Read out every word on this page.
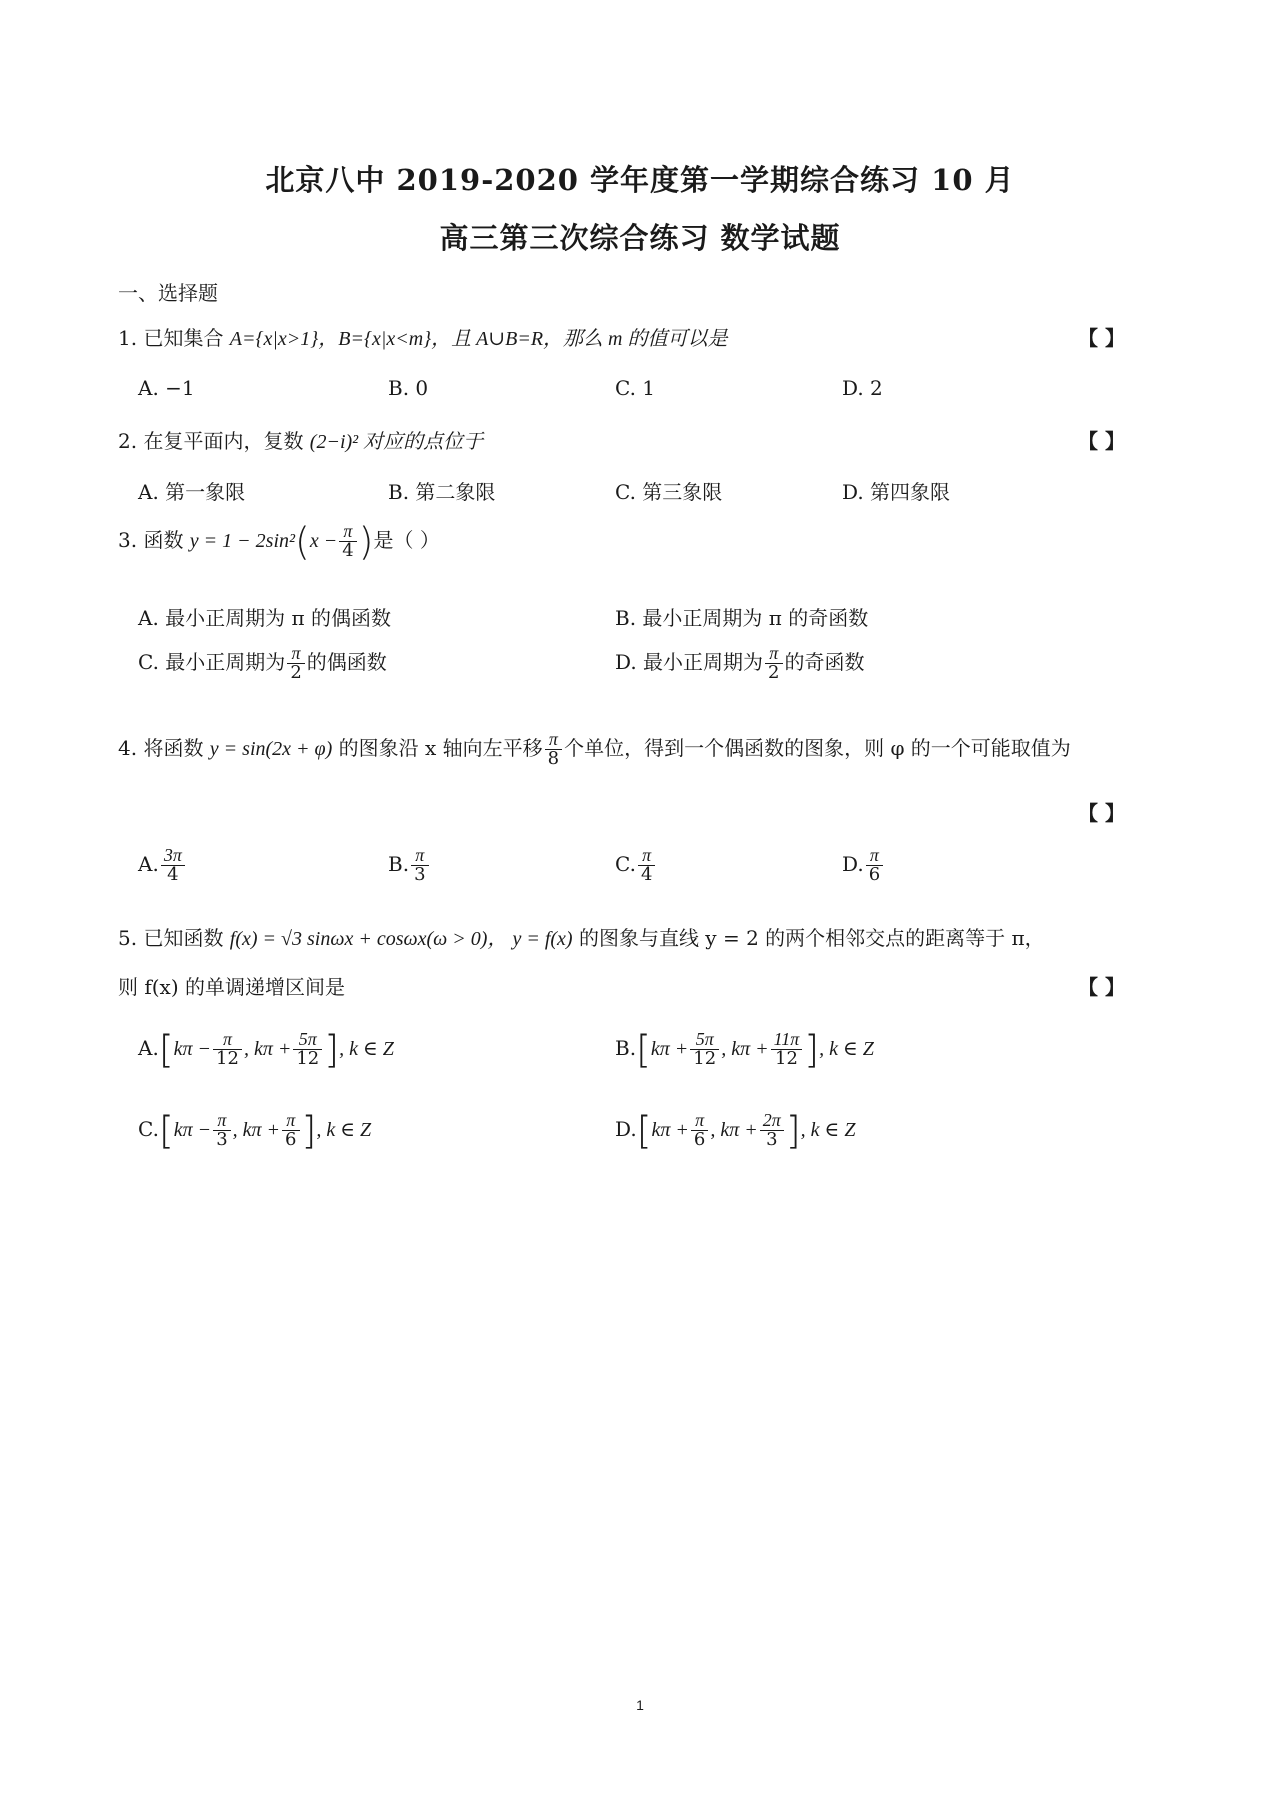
北京八中 2019-2020 学年度第一学期综合练习 10 月
高三第三次综合练习 数学试题
一、选择题
1. 已知集合 A={x|x>1}，B={x|x<m}，且 A∪B=R，那么 m 的值可以是	【 】
A. −1	B. 0	C. 1	D. 2
2. 在复平面内，复数 (2−i)² 对应的点位于	【 】
A. 第一象限	B. 第二象限	C. 第三象限	D. 第四象限
3. 函数 $y = 1 - 2\sin^2(x - \frac{\pi}{4}$ )是（ ）
A. 最小正周期为 π 的偶函数	B. 最小正周期为 π 的奇函数
C. 最小正周期为 $\frac{\pi}{2}$ 的偶函数	D. 最小正周期为 $\frac{\pi}{2}$ 的奇函数
4. 将函数 y = sin(2x + φ) 的图象沿 x 轴向左平移 $\frac{\pi}{8}$ 个单位，得到一个偶函数的图象，则 φ 的一个可能取值为
【 】
A. $\frac{3\pi}{4}$	B. $\frac{\pi}{3}$	C. $\frac{\pi}{4}$	D. $\frac{\pi}{6}$
5. 已知函数 f(x) = √3 sinωx + cosωx(ω > 0)， y = f(x) 的图象与直线 y = 2 的两个相邻交点的距离等于 π，
则 f(x) 的单调递增区间是	【 】
$A.[k\pi - \frac{\pi}{12}$ , $k\pi + \frac{5\pi}{12}$ ], k ∈ Z	$B.[k\pi + \frac{5\pi}{12}$ , $k\pi + \frac{11\pi}{12}$ ], k ∈ Z
$C.[k\pi - \frac{\pi}{3}$ , $k\pi + \frac{\pi}{6}$ ], k ∈ Z	$D.[k\pi + \frac{\pi}{6}$ , $k\pi + \frac{2\pi}{3}$ ], k ∈ Z
1
